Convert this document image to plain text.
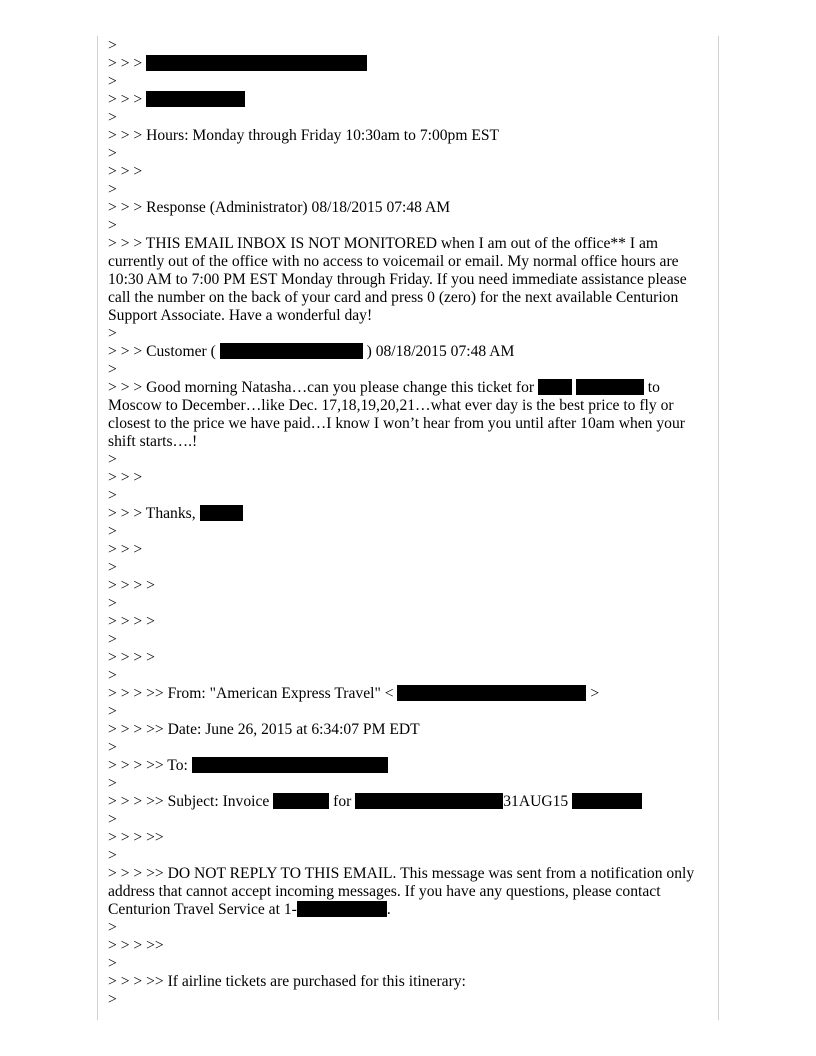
>
> > >
>
> > >
>
> > > Hours: Monday through Friday 10:30am to 7:00pm EST
>
> > >
>
> > > Response (Administrator) 08/18/2015 07:48 AM
>
> > > THIS EMAIL INBOX IS NOT MONITORED when I am out of the office** I am currently out of the office with no access to voicemail or email. My normal office hours are 10:30 AM to 7:00 PM EST Monday through Friday. If you need immediate assistance please call the number on the back of your card and press 0 (zero) for the next available Centurion Support Associate. Have a wonderful day!
>
> > > Customer (	) 08/18/2015 07:48 AM
>
> > > Good morning Natasha…can you please change this ticket for	to Moscow to December…like Dec. 17,18,19,20,21…what ever day is the best price to fly or closest to the price we have paid…I know I won’t hear from you until after 10am when your shift starts….!
>
> > >
>
> > > Thanks,
>
> > >
>
> > > >
>
> > > >
>
> > > >
>
> > > >> From: "American Express Travel" <	>
>
> > > >> Date: June 26, 2015 at 6:34:07 PM EDT
>
> > > >> To:
>
> > > >> Subject: Invoice	for	31AUG15
>
> > > >>
>
> > > >> DO NOT REPLY TO THIS EMAIL. This message was sent from a notification only address that cannot accept incoming messages. If you have any questions, please contact Centurion Travel Service at 1-	.
>
> > > >>
>
> > > >> If airline tickets are purchased for this itinerary:
>
